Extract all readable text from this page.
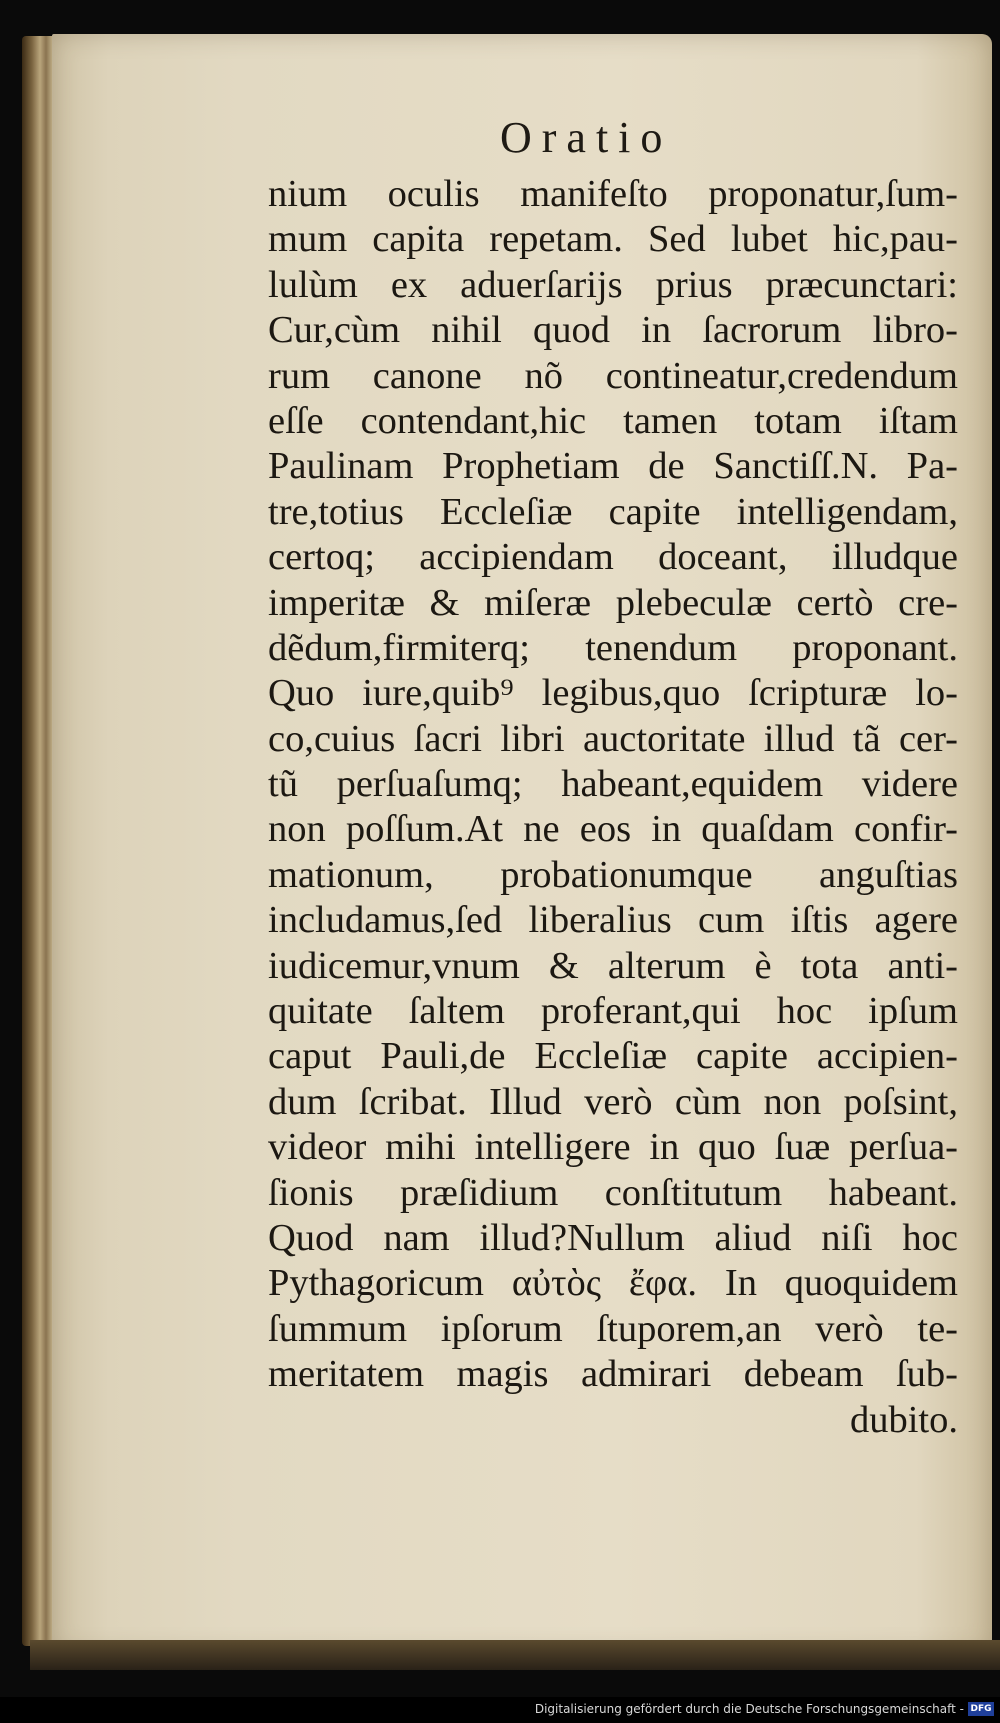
Oratio
nium oculis manifeſto proponatur,ſum-
mum capita repetam. Sed lubet hic,pau-
lulùm ex aduerſarijs prius præcunctari:
Cur,cùm nihil quod in ſacrorum libro-
rum canone nõ contineatur,credendum
eſſe contendant,hic tamen totam iſtam
Paulinam Prophetiam de Sanctiſſ.N. Pa-
tre,totius Eccleſiæ capite intelligendam,
certoq; accipiendam doceant, illudque
imperitæ & miſeræ plebeculæ certò cre-
dẽdum,firmiterq; tenendum proponant.
Quo iure,quib⁹ legibus,quo ſcripturæ lo-
co,cuius ſacri libri auctoritate illud tã cer-
tũ perſuaſumq; habeant,equidem videre
non poſſum.At ne eos in quaſdam confir-
mationum, probationumque anguſtias
includamus,ſed liberalius cum iſtis agere
iudicemur,vnum & alterum è tota anti-
quitate ſaltem proferant,qui hoc ipſum
caput Pauli,de Eccleſiæ capite accipien-
dum ſcribat. Illud verò cùm non poſsint,
videor mihi intelligere in quo ſuæ perſua-
ſionis præſidium conſtitutum habeant.
Quod nam illud?Nullum aliud niſi hoc
Pythagoricum αὐτὸς ἔφα. In quoquidem
ſummum ipſorum ſtuporem,an verò te-
meritatem magis admirari debeam ſub-
dubito.
Digitalisierung gefördert durch die Deutsche Forschungsgemeinschaft - DFG
